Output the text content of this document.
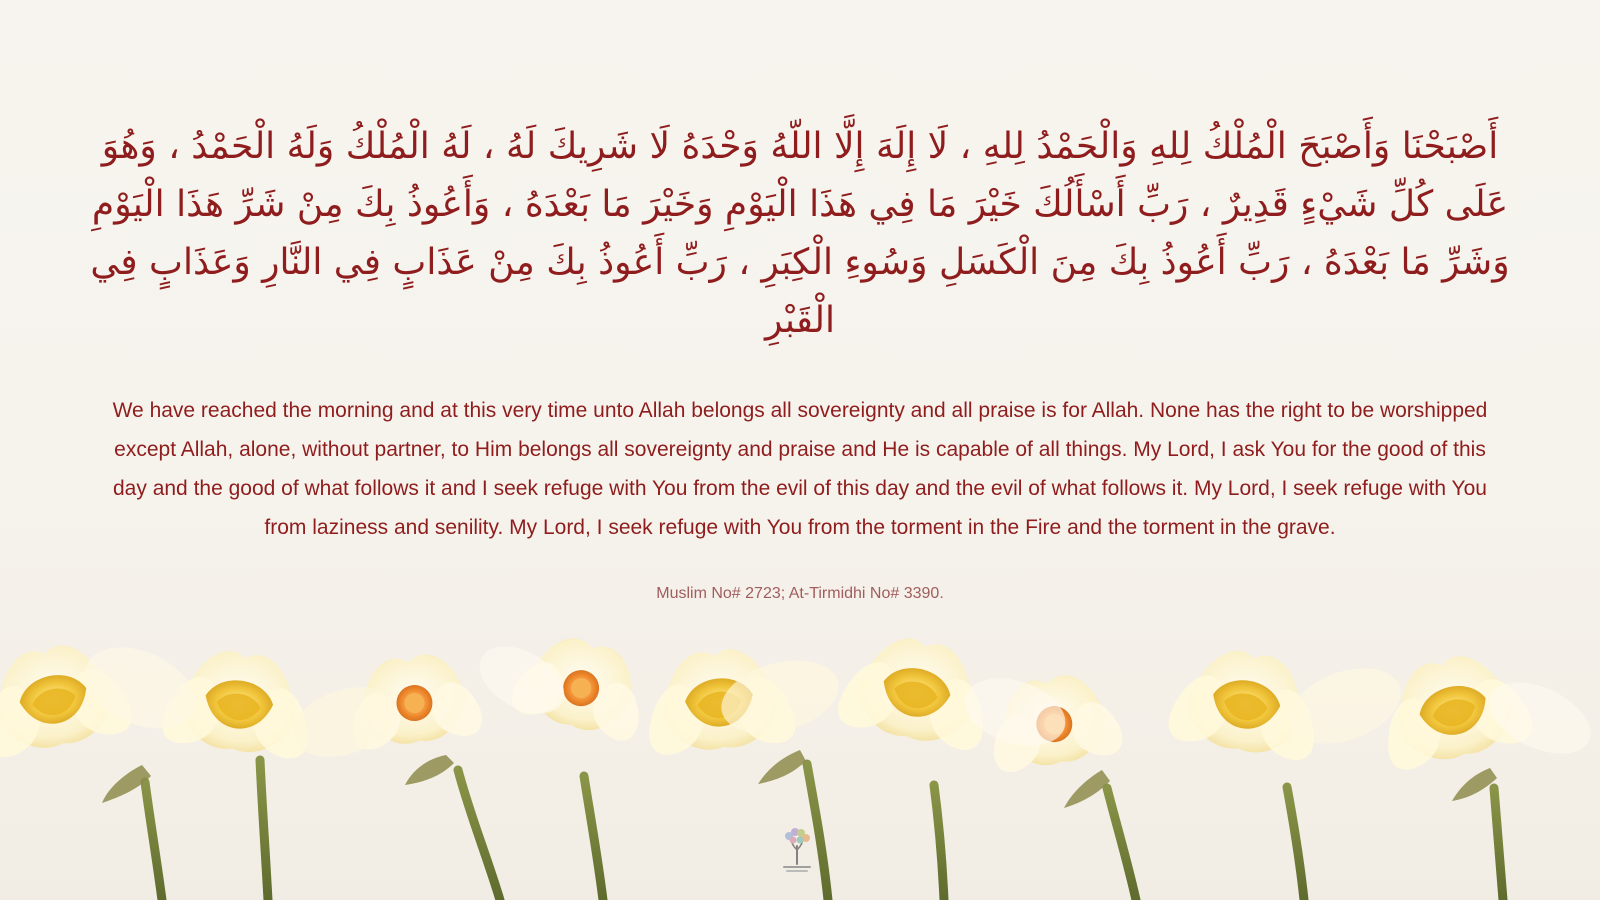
أَصْبَحْنَا وَأَصْبَحَ الْمُلْكُ لِلهِ وَالْحَمْدُ لِلهِ ، لَا إِلَهَ إِلَّا اللّهُ وَحْدَهُ لَا شَرِيكَ لَهُ ، لَهُ الْمُلْكُ وَلَهُ الْحَمْدُ ، وَهُوَ عَلَى كُلِّ شَيْءٍ قَدِيرٌ ، رَبِّ أَسْأَلُكَ خَيْرَ مَا فِي هَذَا الْيَوْمِ وَخَيْرَ مَا بَعْدَهُ ، وَأَعُوذُ بِكَ مِنْ شَرِّ هَذَا الْيَوْمِ وَشَرِّ مَا بَعْدَهُ ، رَبِّ أَعُوذُ بِكَ مِنَ الْكَسَلِ وَسُوءِ الْكِبَرِ ، رَبِّ أَعُوذُ بِكَ مِنْ عَذَابٍ فِي النَّارِ وَعَذَابٍ فِي الْقَبْرِ

We have reached the morning and at this very time unto Allah belongs all sovereignty and all praise is for Allah. None has the right to be worshipped except Allah, alone, without partner, to Him belongs all sovereignty and praise and He is capable of all things. My Lord, I ask You for the good of this day and the good of what follows it and I seek refuge with You from the evil of this day and the evil of what follows it. My Lord, I seek refuge with You from laziness and senility. My Lord, I seek refuge with You from the torment in the Fire and the torment in the grave.

Muslim No# 2723; At-Tirmidhi No# 3390.
